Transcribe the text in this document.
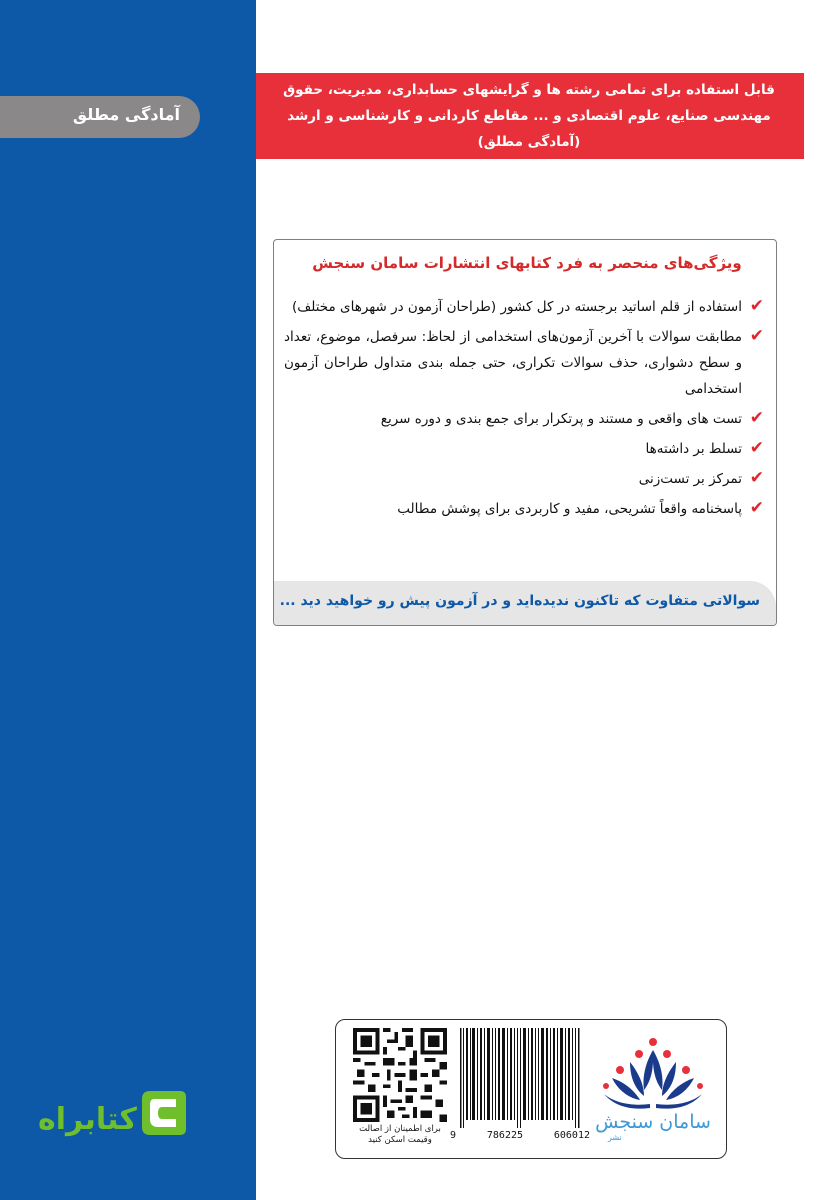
آمادگی مطلق

قابل استفاده برای تمامی رشته ها و گرایشهای حسابداری، مدیریت، حقوق

مهندسی صنایع، علوم اقتصادی و ... مقاطع کاردانی و کارشناسی و ارشد

(آمادگی مطلق)

ویژگی‌های منحصر به فرد کتابهای انتشارات سامان سنجش
✔
استفاده از قلم اساتید برجسته در کل کشور (طراحان آزمون در شهرهای مختلف)
✔
مطابقت سوالات با آخرین آزمون‌های استخدامی از لحاظ: سرفصل، موضوع، تعداد و سطح دشواری، حذف سوالات تکراری، حتی جمله بندی متداول طراحان آزمون استخدامی
✔
تست های واقعی و مستند و پرتکرار برای جمع بندی و دوره سریع
✔
تسلط بر داشته‌ها
✔
تمرکز بر تست‌زنی
✔
پاسخنامه واقعاً تشریحی، مفید و کاربردی برای پوشش مطالب
سوالاتی متفاوت که تاکنون ندیده‌اید و در آزمون پیش رو خواهید دید ...
برای اطمینان از اصالت
وقیمت اسکن کنید	9	786225	606012
سامان سنجش
نشر
کتابراه
